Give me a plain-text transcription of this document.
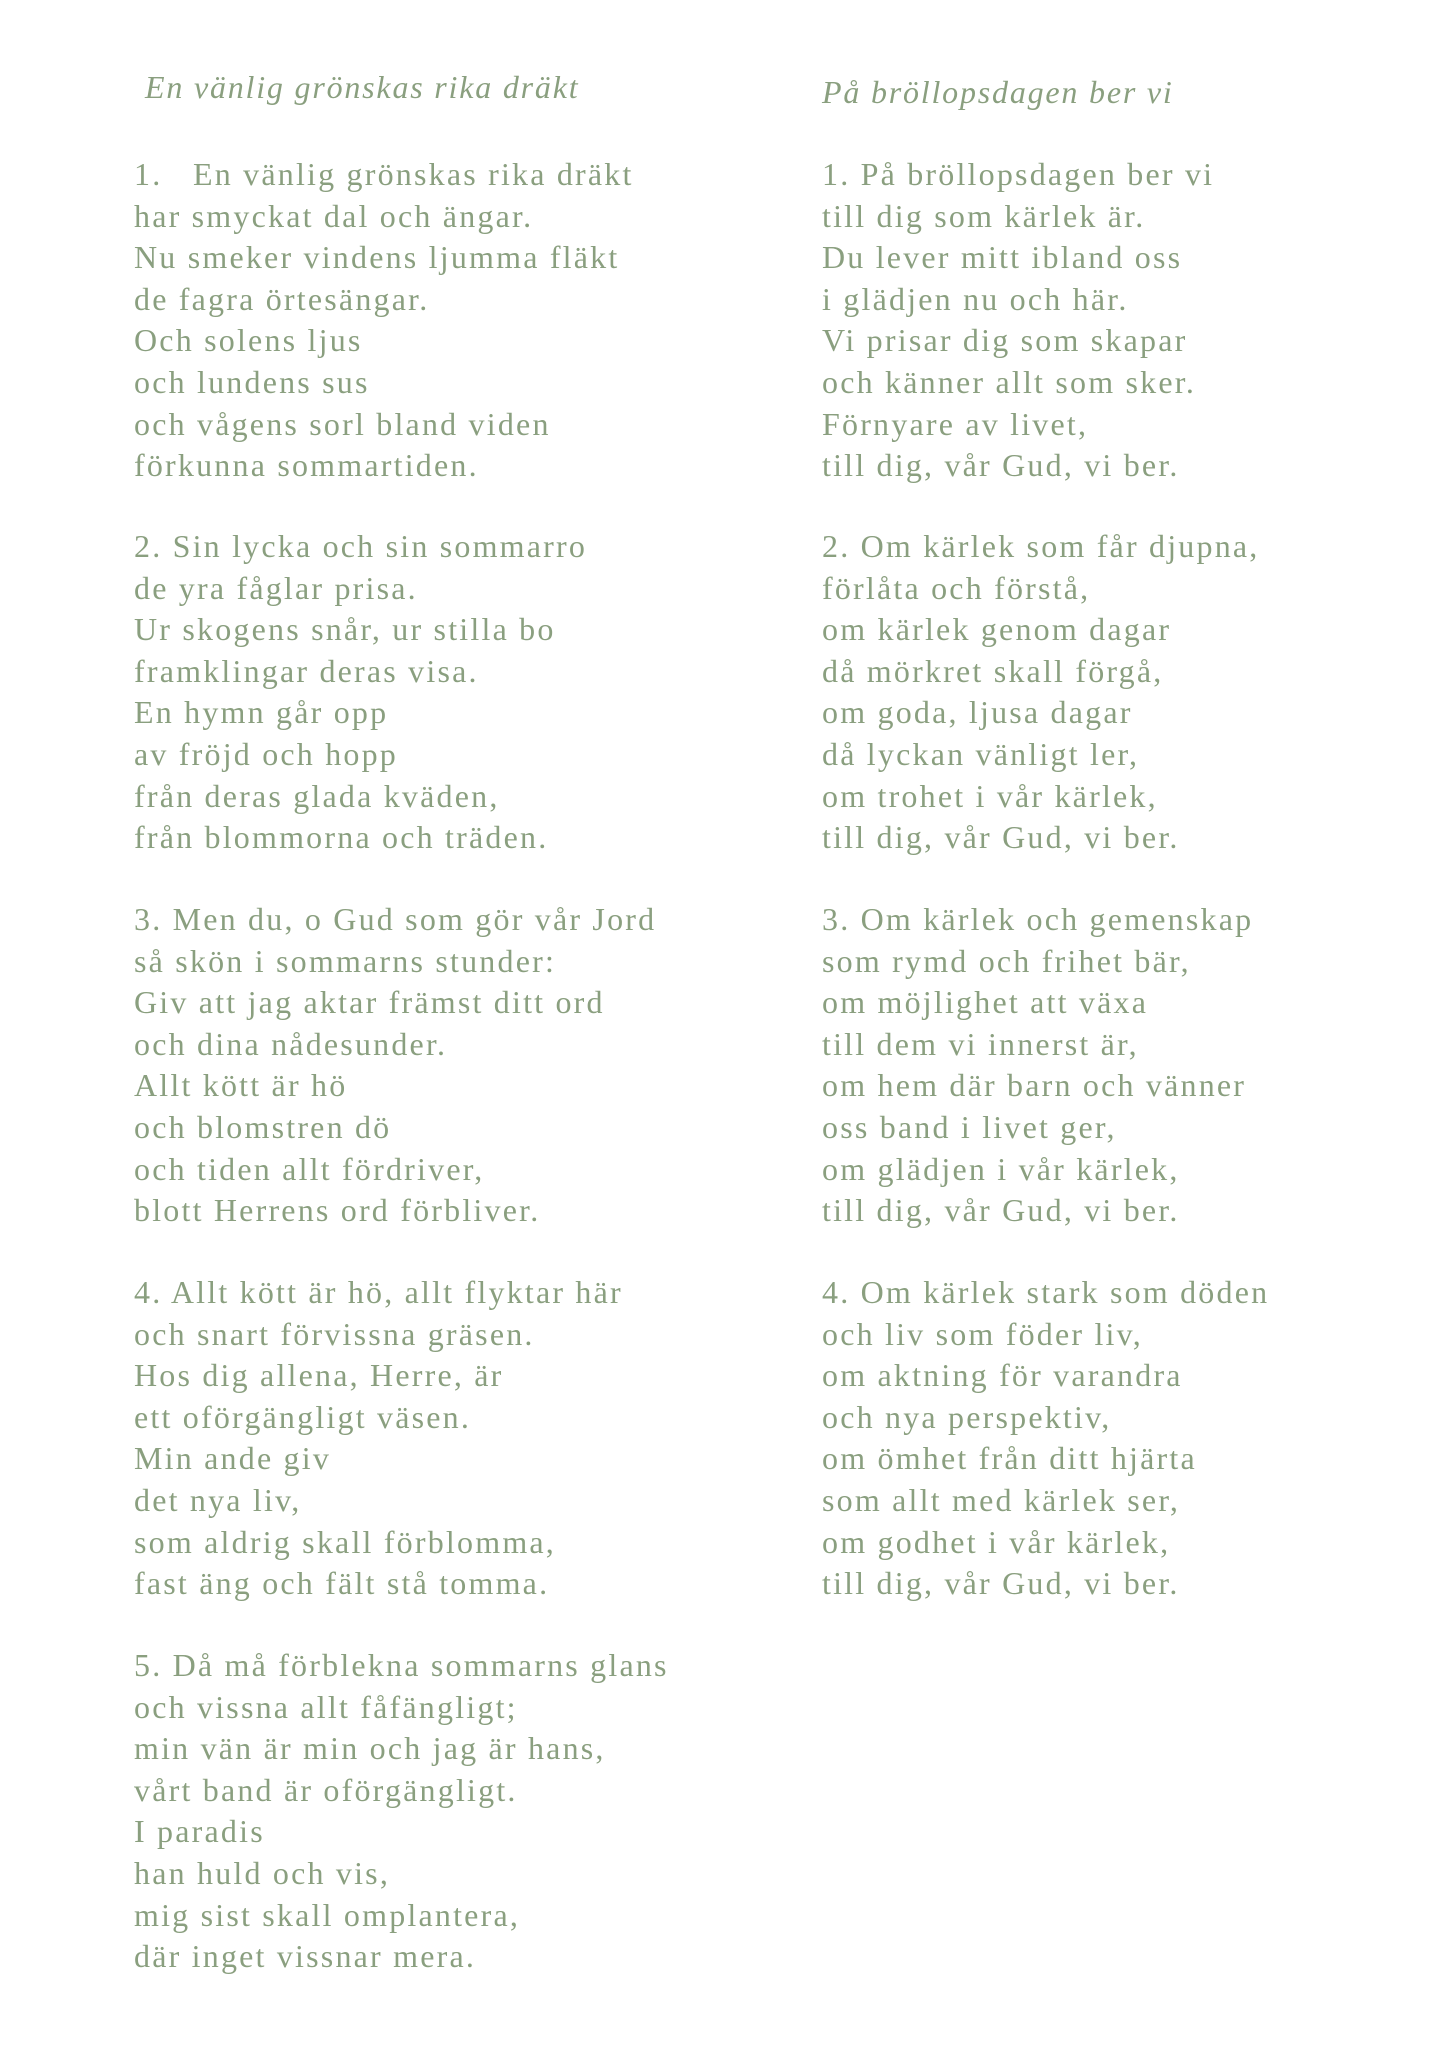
En vänlig grönskas rika dräkt
1.   En vänlig grönskas rika dräkt
har smyckat dal och ängar.
Nu smeker vindens ljumma fläkt
de fagra örtesängar.
Och solens ljus
och lundens sus
och vågens sorl bland viden
förkunna sommartiden.
2. Sin lycka och sin sommarro
de yra fåglar prisa.
Ur skogens snår, ur stilla bo
framklingar deras visa.
En hymn går opp
av fröjd och hopp
från deras glada kväden,
från blommorna och träden.
3. Men du, o Gud som gör vår Jord
så skön i sommarns stunder:
Giv att jag aktar främst ditt ord
och dina nådesunder.
Allt kött är hö
och blomstren dö
och tiden allt fördriver,
blott Herrens ord förbliver.
4. Allt kött är hö, allt flyktar här
och snart förvissna gräsen.
Hos dig allena, Herre, är
ett oförgängligt väsen.
Min ande giv
det nya liv,
som aldrig skall förblomma,
fast äng och fält stå tomma.
5. Då må förblekna sommarns glans
och vissna allt fåfängligt;
min vän är min och jag är hans,
vårt band är oförgängligt.
I paradis
han huld och vis,
mig sist skall omplantera,
där inget vissnar mera.
På bröllopsdagen ber vi
1. På bröllopsdagen ber vi
till dig som kärlek är.
Du lever mitt ibland oss
i glädjen nu och här.
Vi prisar dig som skapar
och känner allt som sker.
Förnyare av livet,
till dig, vår Gud, vi ber.
2. Om kärlek som får djupna,
förlåta och förstå,
om kärlek genom dagar
då mörkret skall förgå,
om goda, ljusa dagar
då lyckan vänligt ler,
om trohet i vår kärlek,
till dig, vår Gud, vi ber.
3. Om kärlek och gemenskap
som rymd och frihet bär,
om möjlighet att växa
till dem vi innerst är,
om hem där barn och vänner
oss band i livet ger,
om glädjen i vår kärlek,
till dig, vår Gud, vi ber.
4. Om kärlek stark som döden
och liv som föder liv,
om aktning för varandra
och nya perspektiv,
om ömhet från ditt hjärta
som allt med kärlek ser,
om godhet i vår kärlek,
till dig, vår Gud, vi ber.
